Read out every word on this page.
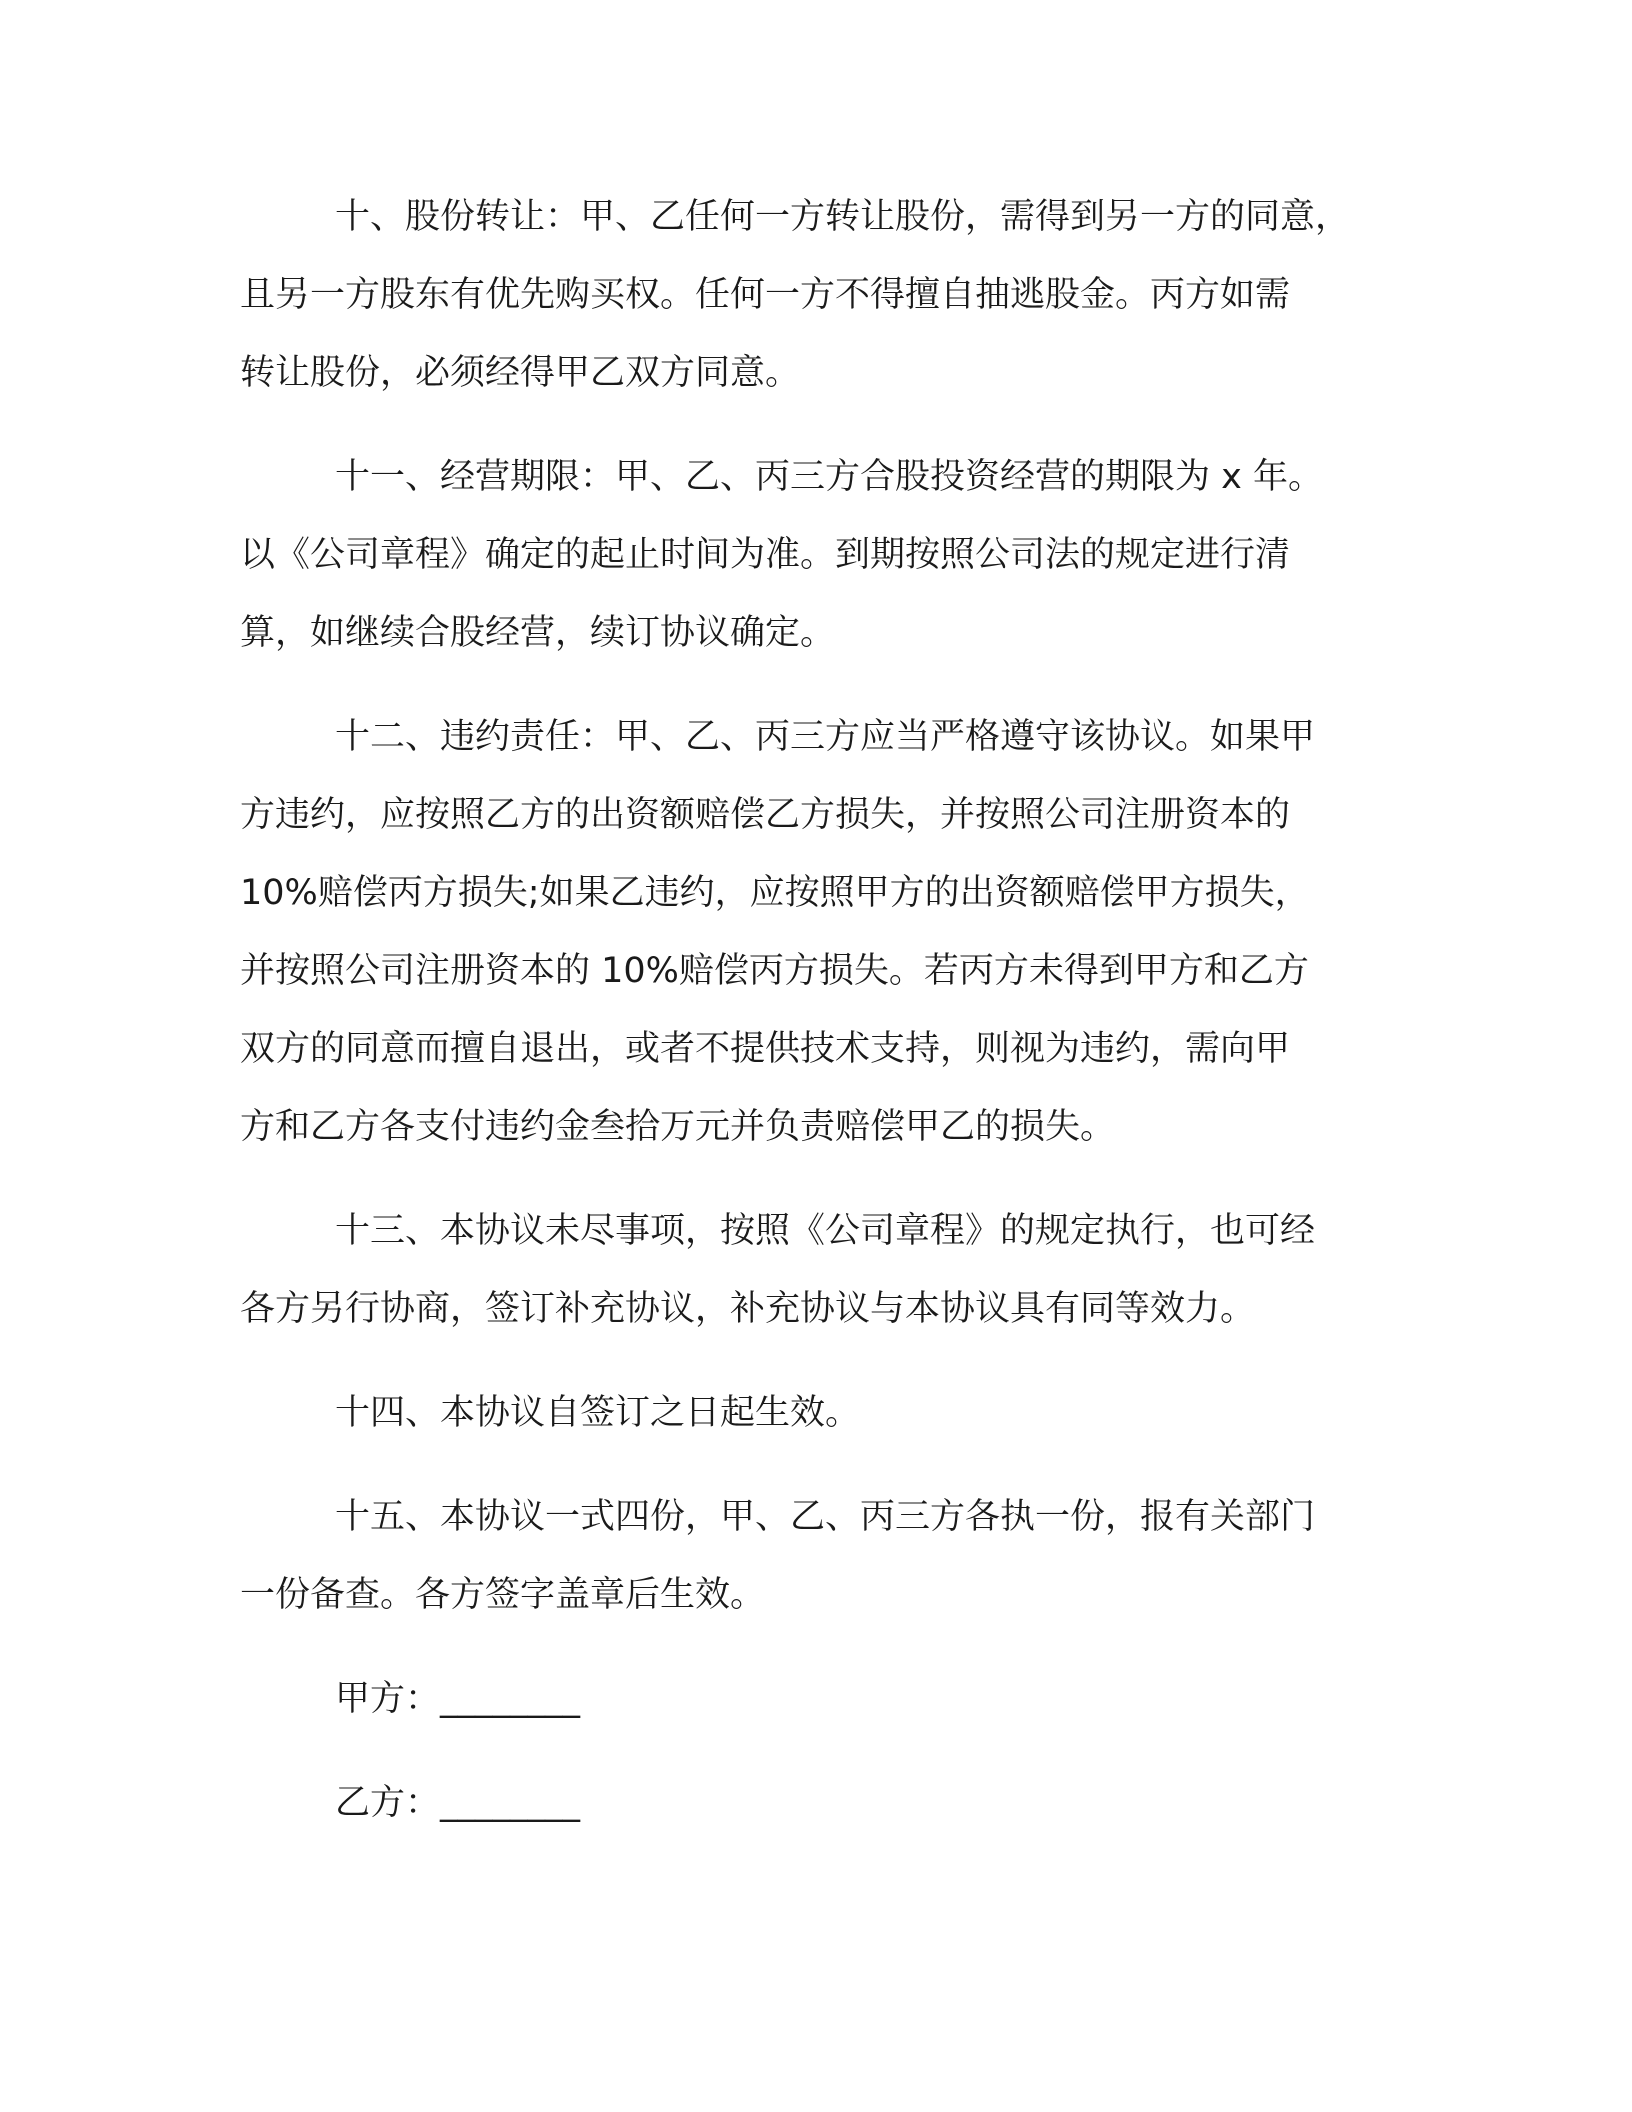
十、股份转让：甲、乙任何一方转让股份，需得到另一方的同意，
且另一方股东有优先购买权。任何一方不得擅自抽逃股金。丙方如需
转让股份，必须经得甲乙双方同意。
十一、经营期限：甲、乙、丙三方合股投资经营的期限为 x 年。
以《公司章程》确定的起止时间为准。到期按照公司法的规定进行清
算，如继续合股经营，续订协议确定。
十二、违约责任：甲、乙、丙三方应当严格遵守该协议。如果甲
方违约，应按照乙方的出资额赔偿乙方损失，并按照公司注册资本的
10%赔偿丙方损失;如果乙违约，应按照甲方的出资额赔偿甲方损失，
并按照公司注册资本的 10%赔偿丙方损失。若丙方未得到甲方和乙方
双方的同意而擅自退出，或者不提供技术支持，则视为违约，需向甲
方和乙方各支付违约金叁拾万元并负责赔偿甲乙的损失。
十三、本协议未尽事项，按照《公司章程》的规定执行，也可经
各方另行协商，签订补充协议，补充协议与本协议具有同等效力。
十四、本协议自签订之日起生效。
十五、本协议一式四份，甲、乙、丙三方各执一份，报有关部门
一份备查。各方签字盖章后生效。
甲方：________
乙方：________
